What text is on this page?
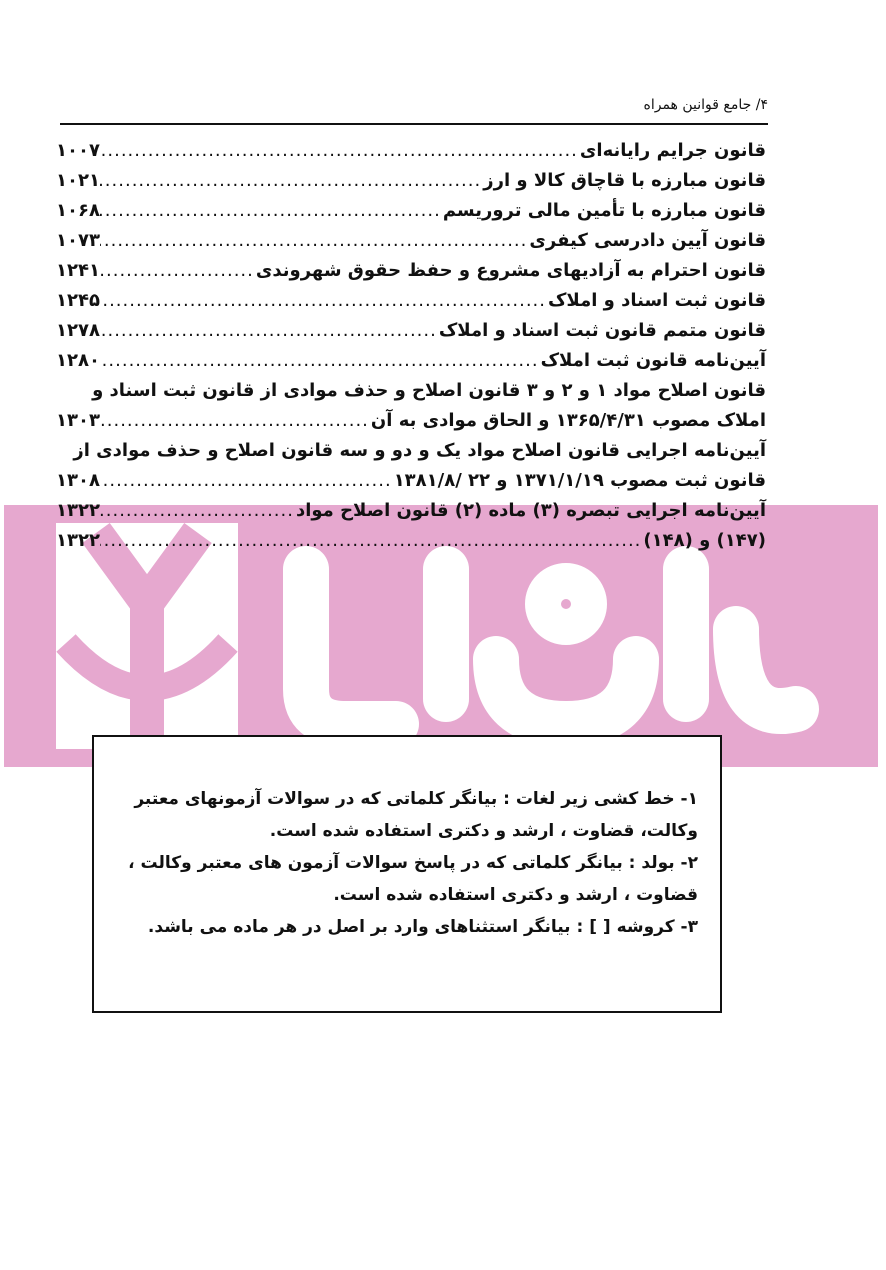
۴/ جامع قوانین همراه
قانون جرایم رایانه‌ای
.....
۱۰۰۷
قانون مبارزه با قاچاق کالا و ارز
.....
۱۰۲۱
قانون مبارزه با تأمین مالی تروریسم
.....
۱۰۶۸
قانون آیین دادرسی کیفری
.....
۱۰۷۳
قانون احترام به آزادیهای مشروع و حفظ حقوق شهروندی
.....
۱۲۴۱
قانون ثبت اسناد و املاک
.....
۱۲۴۵
قانون متمم قانون ثبت اسناد و املاک
.....
۱۲۷۸
آیین‌نامه قانون ثبت املاک
.....
۱۲۸۰
قانون اصلاح مواد ۱ و ۲ و ۳ قانون اصلاح و حذف موادی از قانون ثبت اسناد و
املاک مصوب ۱۳۶۵/۴/۳۱ و الحاق موادی به آن
.....
۱۳۰۳
آیین‌نامه اجرایی قانون اصلاح مواد یک و دو و سه قانون اصلاح و حذف موادی از
قانون ثبت مصوب ۱۳۷۱/۱/۱۹ و ۲۲ /۱۳۸۱/۸
.....
۱۳۰۸
آیین‌نامه اجرایی تبصره (۳) ماده (۲) قانون اصلاح مواد
.....
۱۳۲۲
(۱۴۷) و (۱۴۸)
.....
۱۳۲۲
۱- خط کشی زیر لغات : بیانگر کلماتی که در سوالات آزمونهای معتبر
وکالت، قضاوت ، ارشد و دکتری استفاده شده است.
۲- بولد : بیانگر کلماتی که در پاسخ سوالات آزمون های معتبر وکالت ،
قضاوت ، ارشد و دکتری استفاده شده است.
۳- کروشه [ ] : بیانگر استثناهای وارد بر اصل در هر ماده می باشد.
